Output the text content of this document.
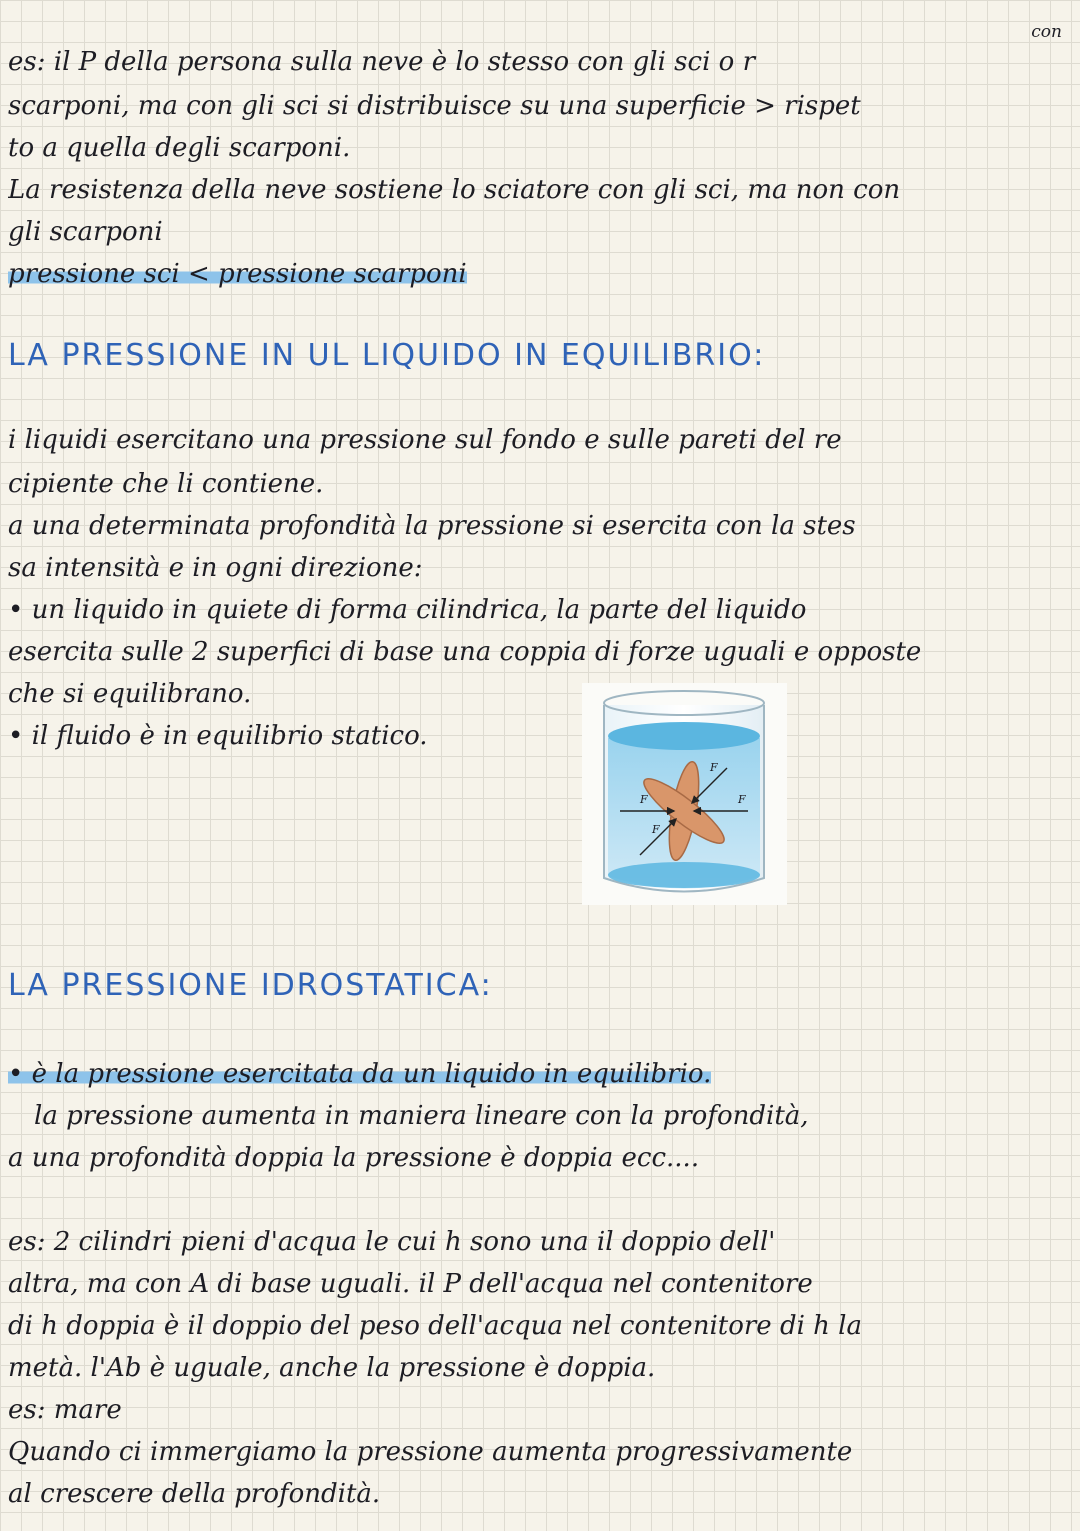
con
es: il P della persona sulla neve è lo stesso con gli sci o r
scarponi, ma con gli sci si distribuisce su una superficie > rispet
to a quella degli scarponi.
La resistenza della neve sostiene lo sciatore con gli sci, ma non con
gli scarponi
pressione sci < pressione scarponi
LA PRESSIONE IN UL LIQUIDO IN EQUILIBRIO:
i liquidi esercitano una pressione sul fondo e sulle pareti del re
cipiente che li contiene.
a una determinata profondità la pressione si esercita con la stes
sa intensità e in ogni direzione:
• un liquido in quiete di forma cilindrica, la parte del liquido
esercita sulle 2 superfici di base una coppia di forze uguali e opposte
che si equilibrano.
• il fluido è in equilibrio statico.
F	F
F
F
LA PRESSIONE IDROSTATICA:
• è la pressione esercitata da un liquido in equilibrio.
la pressione aumenta in maniera lineare con la profondità,
a una profondità doppia la pressione è doppia ecc....
es: 2 cilindri pieni d'acqua le cui h sono una il doppio dell'
altra, ma con A di base uguali. il P dell'acqua nel contenitore
di h doppia è il doppio del peso dell'acqua nel contenitore di h la
metà. l'Ab è uguale, anche la pressione è doppia.
es: mare
Quando ci immergiamo la pressione aumenta progressivamente
al crescere della profondità.
